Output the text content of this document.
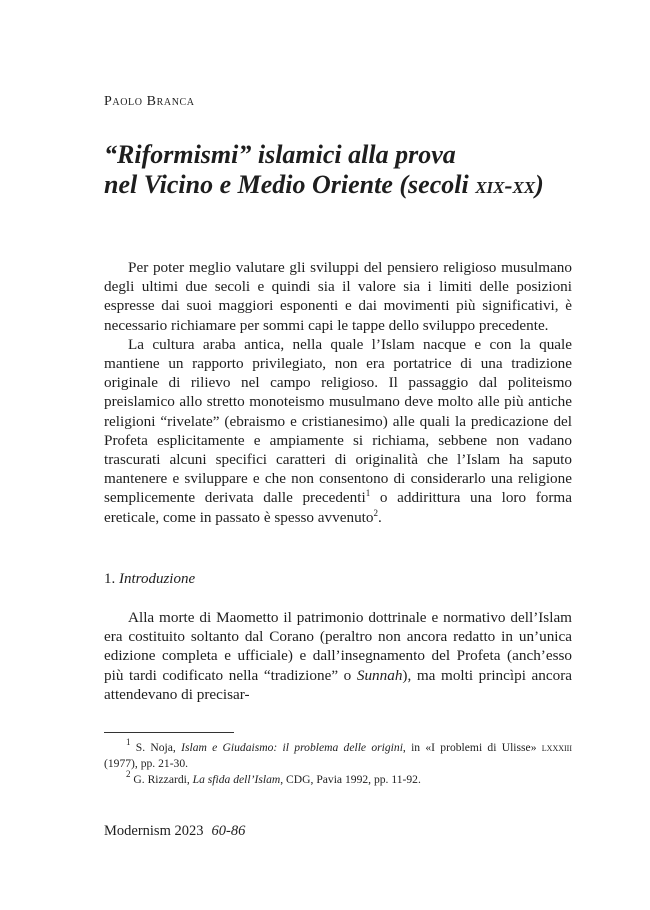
Paolo Branca
“Riformismi” islamici alla prova
nel Vicino e Medio Oriente (secoli xix-xx)

Per poter meglio valutare gli sviluppi del pensiero religioso musulmano degli ultimi due secoli e quindi sia il valore sia i limiti delle posizioni espresse dai suoi maggiori esponenti e dai movimenti più significativi, è necessario richiamare per sommi capi le tappe dello sviluppo precedente.

La cultura araba antica, nella quale l’Islam nacque e con la quale mantiene un rapporto privilegiato, non era portatrice di una tradizione originale di rilievo nel campo religioso. Il passaggio dal politeismo preislamico allo stretto monoteismo musulmano deve molto alle più antiche religioni “rivelate” (ebraismo e cristianesimo) alle quali la predicazione del Profeta esplicitamente e ampiamente si richiama, sebbene non vadano trascurati alcuni specifici caratteri di originalità che l’Islam ha saputo mantenere e sviluppare e che non consentono di considerarlo una religione semplicemente derivata dalle precedenti$^1$ o addirittura una loro forma ereticale, come in passato è spesso avvenuto$^2$.

1. Introduzione

Alla morte di Maometto il patrimonio dottrinale e normativo dell’Islam era costituito soltanto dal Corano (peraltro non ancora redatto in un’unica edizione completa e ufficiale) e dall’insegnamento del Profeta (anch’esso più tardi codificato nella “tradizione” o Sunnah), ma molti princìpi ancora attendevano di precisar-

$^1$ S. Noja, Islam e Giudaismo: il problema delle origini, in «I problemi di Ulisse» lxxxiii (1977), pp. 21-30.

$^2$ G. Rizzardi, La sfida dell’Islam, CDG, Pavia 1992, pp. 11-92.

Modernism 2023 60-86
